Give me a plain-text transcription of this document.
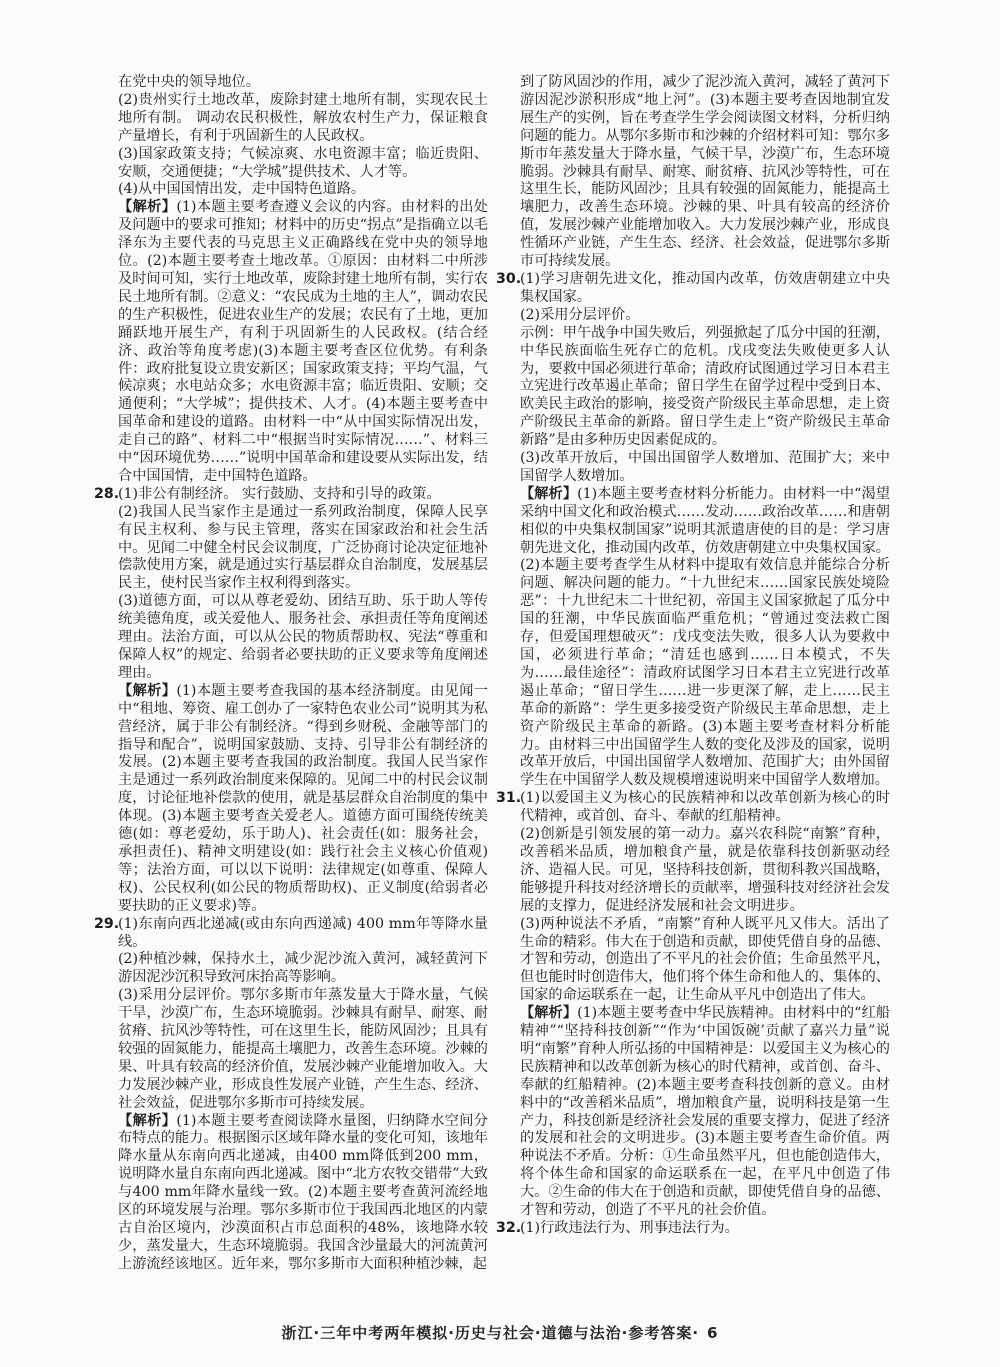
在党中央的领导地位。

(2)贵州实行土地改革，废除封建土地所有制，实现农民土地所有制。 调动农民积极性，解放农村生产力，保证粮食产量增长，有利于巩固新生的人民政权。

(3)国家政策支持；气候凉爽、水电资源丰富；临近贵阳、安顺，交通便捷；“大学城”提供技术、人才等。

(4)从中国国情出发，走中国特色道路。

【解析】(1)本题主要考查遵义会议的内容。由材料的出处及问题中的要求可推知；材料中的历史“拐点”是指确立以毛泽东为主要代表的马克思主义正确路线在党中央的领导地位。(2)本题主要考查土地改革。①原因：由材料二中所涉及时间可知，实行土地改革，废除封建土地所有制，实行农民土地所有制。②意义：“农民成为土地的主人”，调动农民的生产积极性，促进农业生产的发展；农民有了土地，更加踊跃地开展生产，有利于巩固新生的人民政权。(结合经济、政治等角度考虑)(3)本题主要考查区位优势。有利条件：政府批复设立贵安新区；国家政策支持；平均气温，气候凉爽；水电站众多；水电资源丰富；临近贵阳、安顺；交通便利；“大学城”；提供技术、人才。(4)本题主要考查中国革命和建设的道路。由材料一中“从中国实际情况出发，走自己的路”、材料二中“根据当时实际情况……”、材料三中“因环境优势……”说明中国革命和建设要从实际出发，结合中国国情，走中国特色道路。

28.

(1)非公有制经济。 实行鼓励、支持和引导的政策。

(2)我国人民当家作主是通过一系列政治制度，保障人民享有民主权利、参与民主管理，落实在国家政治和社会生活中。见闻二中健全村民会议制度，广泛协商讨论决定征地补偿款使用方案，就是通过实行基层群众自治制度，发展基层民主，使村民当家作主权利得到落实。

(3)道德方面，可以从尊老爱幼、团结互助、乐于助人等传统美德角度，或关爱他人、服务社会、承担责任等角度阐述理由。法治方面，可以从公民的物质帮助权、宪法“尊重和保障人权”的规定、给弱者必要扶助的正义要求等角度阐述理由。

【解析】(1)本题主要考查我国的基本经济制度。由见闻一中“租地、筹资、雇工创办了一家特色农业公司”说明其为私营经济，属于非公有制经济。“得到乡财税、金融等部门的指导和配合”，说明国家鼓励、支持、引导非公有制经济的发展。(2)本题主要考查我国的政治制度。我国人民当家作主是通过一系列政治制度来保障的。见闻二中的村民会议制度，讨论征地补偿款的使用，就是基层群众自治制度的集中体现。(3)本题主要考查关爱老人。道德方面可围绕传统美德(如：尊老爱幼，乐于助人)、社会责任(如：服务社会，承担责任)、精神文明建设(如：践行社会主义核心价值观)等；法治方面，可以以下说明：法律规定(如尊重、保障人权)、公民权利(如公民的物质帮助权)、正义制度(给弱者必要扶助的正义要求)等。

29.

(1)东南向西北递减(或由东向西递减) 400 mm年等降水量线。

(2)种植沙棘，保持水土，减少泥沙流入黄河，减轻黄河下游因泥沙沉积导致河床抬高等影响。

(3)采用分层评价。鄂尔多斯市年蒸发量大于降水量，气候干旱，沙漠广布，生态环境脆弱。沙棘具有耐旱、耐寒、耐贫瘠、抗风沙等特性，可在这里生长，能防风固沙；且具有较强的固氮能力，能提高土壤肥力，改善生态环境。沙棘的果、叶具有较高的经济价值，发展沙棘产业能增加收入。大力发展沙棘产业，形成良性发展产业链，产生生态、经济、社会效益，促进鄂尔多斯市可持续发展。

【解析】(1)本题主要考查阅读降水量图，归纳降水空间分布特点的能力。根据图示区域年降水量的变化可知，该地年降水量从东南向西北递减，由400 mm降低到200 mm，说明降水量自东南向西北递减。图中“北方农牧交错带”大致与400 mm年降水量线一致。(2)本题主要考查黄河流经地区的环境发展与治理。鄂尔多斯市位于我国西北地区的内蒙古自治区境内，沙漠面积占市总面积的48%，该地降水较少，蒸发量大，生态环境脆弱。我国含沙量最大的河流黄河上游流经该地区。近年来，鄂尔多斯市大面积种植沙棘，起

到了防风固沙的作用，减少了泥沙流入黄河，减轻了黄河下游因泥沙淤积形成“地上河”。(3)本题主要考查因地制宜发展生产的实例，旨在考查学生学会阅读图文材料，分析归纳问题的能力。从鄂尔多斯市和沙棘的介绍材料可知：鄂尔多斯市年蒸发量大于降水量，气候干旱，沙漠广布，生态环境脆弱。沙棘具有耐旱、耐寒、耐贫瘠、抗风沙等特性，可在这里生长，能防风固沙；且具有较强的固氮能力，能提高土壤肥力，改善生态环境。沙棘的果、叶具有较高的经济价值，发展沙棘产业能增加收入。大力发展沙棘产业，形成良性循环产业链，产生生态、经济、社会效益，促进鄂尔多斯市可持续发展。

30.

(1)学习唐朝先进文化，推动国内改革，仿效唐朝建立中央集权国家。

(2)采用分层评价。

示例：甲午战争中国失败后，列强掀起了瓜分中国的狂潮，中华民族面临生死存亡的危机。戊戌变法失败使更多人认为，要救中国必须进行革命；清政府试图通过学习日本君主立宪进行改革遏止革命；留日学生在留学过程中受到日本、欧美民主政治的影响，接受资产阶级民主革命思想，走上资产阶级民主革命的新路。留日学生走上“资产阶级民主革命新路”是由多种历史因素促成的。

(3)改革开放后，中国出国留学人数增加、范围扩大；来中国留学人数增加。

【解析】(1)本题主要考查材料分析能力。由材料一中“渴望采纳中国文化和政治模式……发动……政治改革……和唐朝相似的中央集权制国家”说明其派遣唐使的目的是：学习唐朝先进文化，推动国内改革，仿效唐朝建立中央集权国家。(2)本题主要考查学生从材料中提取有效信息并能综合分析问题、解决问题的能力。“十九世纪末……国家民族处境险恶”：十九世纪末二十世纪初，帝国主义国家掀起了瓜分中国的狂潮，中华民族面临严重危机；“曾通过变法救亡图存，但爱国理想破灭”：戊戌变法失败，很多人认为要救中国，必须进行革命；“清廷也感到……日本模式，不失为……最佳途径”：清政府试图学习日本君主立宪进行改革遏止革命；“留日学生……进一步更深了解，走上……民主革命的新路”：学生更多接受资产阶级民主革命思想，走上资产阶级民主革命的新路。(3)本题主要考查材料分析能力。由材料三中出国留学生人数的变化及涉及的国家，说明改革开放后，中国出国留学人数增加、范围扩大；由外国留学生在中国留学人数及规模增速说明来中国留学人数增加。

31.

(1)以爱国主义为核心的民族精神和以改革创新为核心的时代精神，或首创、奋斗、奉献的红船精神。

(2)创新是引领发展的第一动力。嘉兴农科院“南繁”育种，改善稻米品质，增加粮食产量，就是依靠科技创新驱动经济、造福人民。可见，坚持科技创新，贯彻科教兴国战略，能够提升科技对经济增长的贡献率，增强科技对经济社会发展的支撑力，促进经济发展和社会文明进步。

(3)两种说法不矛盾，“南繁”育种人既平凡又伟大。活出了生命的精彩。伟大在于创造和贡献，即使凭借自身的品德、才智和劳动，创造出了不平凡的社会价值；生命虽然平凡，但也能时时创造伟大，他们将个体生命和他人的、集体的、国家的命运联系在一起，让生命从平凡中创造出了伟大。

【解析】(1)本题主要考查中华民族精神。由材料中的“红船精神”“坚持科技创新”“作为‘中国饭碗’贡献了嘉兴力量”说明“南繁”育种人所弘扬的中国精神是：以爱国主义为核心的民族精神和以改革创新为核心的时代精神，或首创、奋斗、奉献的红船精神。(2)本题主要考查科技创新的意义。由材料中的“改善稻米品质”，增加粮食产量，说明科技是第一生产力，科技创新是经济社会发展的重要支撑力，促进了经济的发展和社会的文明进步。(3)本题主要考查生命价值。两种说法不矛盾。分析：①生命虽然平凡，但也能创造伟大，将个体生命和国家的命运联系在一起，在平凡中创造了伟大。②生命的伟大在于创造和贡献，即使凭借自身的品德、才智和劳动，创造了不平凡的社会价值。

32.

(1)行政违法行为、刑事违法行为。

浙江·三年中考两年模拟·历史与社会·道德与法治·参考答案· 6
